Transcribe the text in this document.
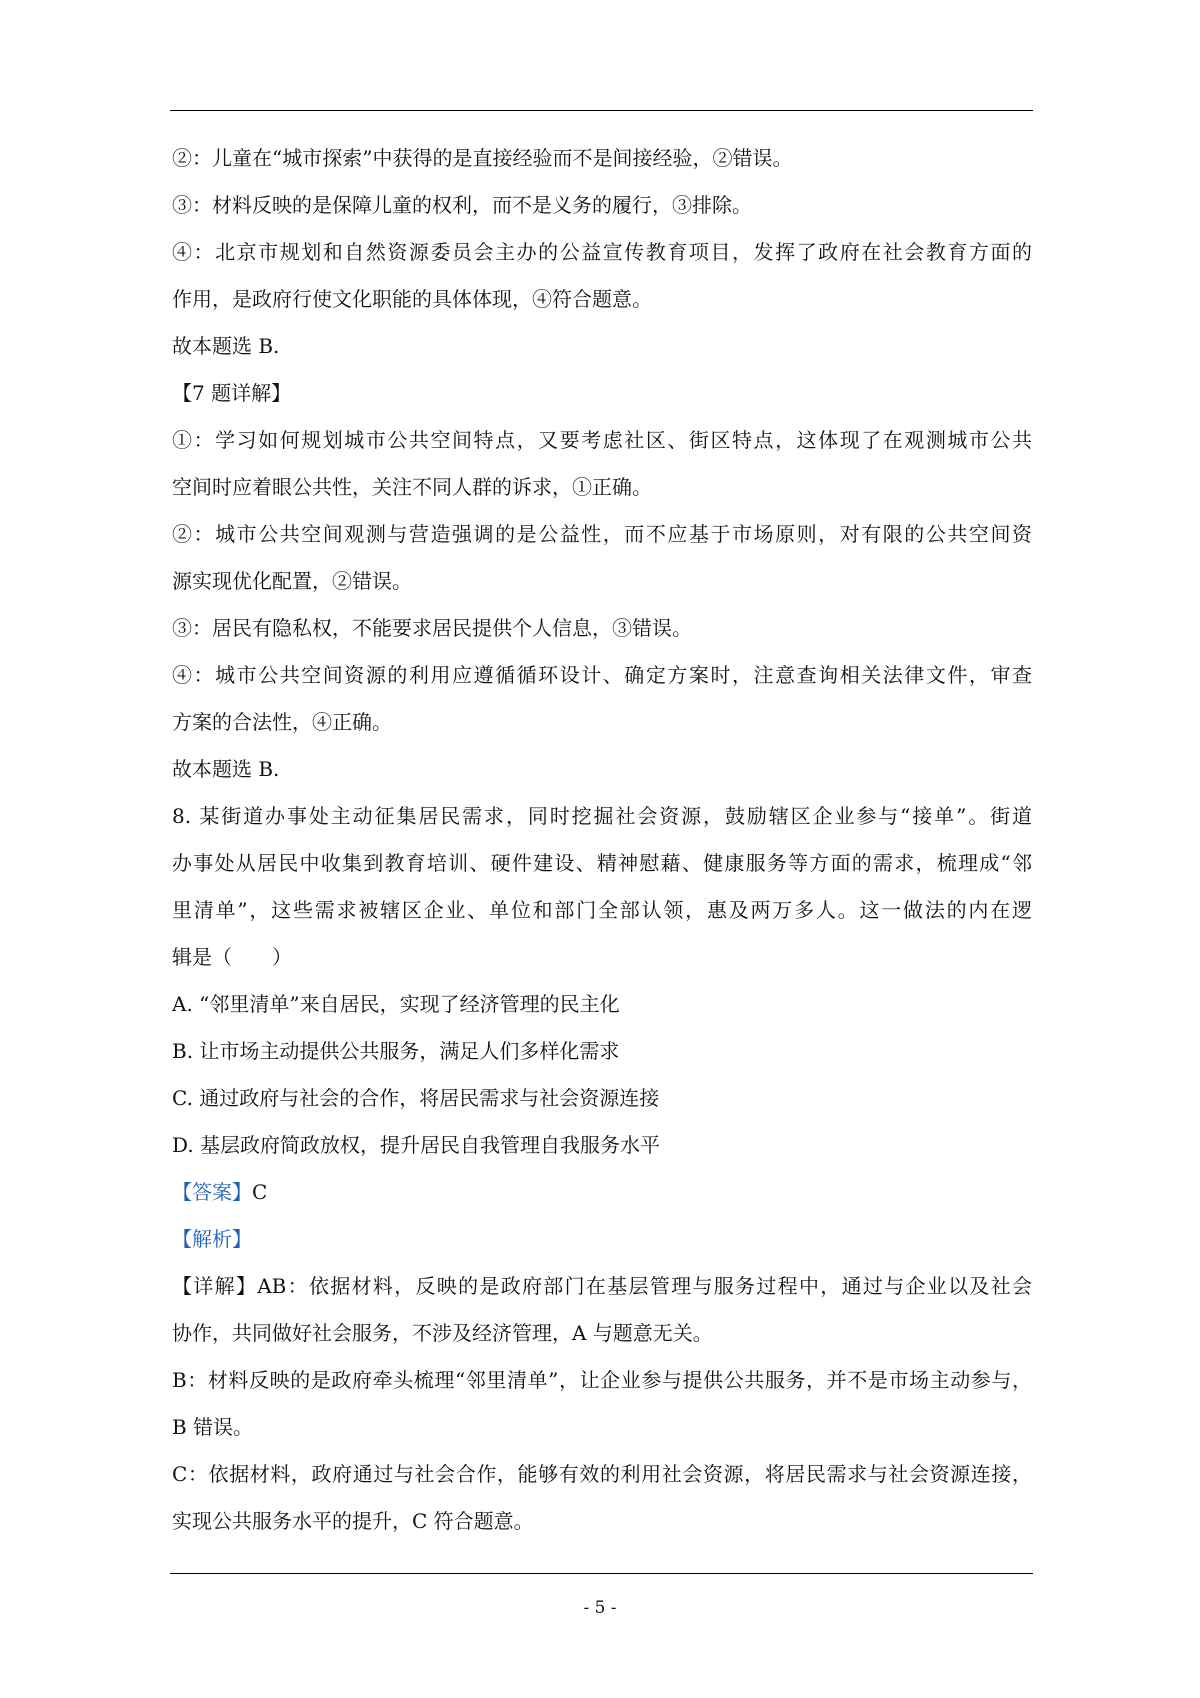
②：儿童在“城市探索”中获得的是直接经验而不是间接经验，②错误。
③：材料反映的是保障儿童的权利，而不是义务的履行，③排除。
④：北京市规划和自然资源委员会主办的公益宣传教育项目，发挥了政府在社会教育方面的
作用，是政府行使文化职能的具体体现，④符合题意。
故本题选 B.
【7 题详解】
①：学习如何规划城市公共空间特点，又要考虑社区、街区特点，这体现了在观测城市公共
空间时应着眼公共性，关注不同人群的诉求，①正确。
②：城市公共空间观测与营造强调的是公益性，而不应基于市场原则，对有限的公共空间资
源实现优化配置，②错误。
③：居民有隐私权，不能要求居民提供个人信息，③错误。
④：城市公共空间资源的利用应遵循循环设计、确定方案时，注意查询相关法律文件，审查
方案的合法性，④正确。
故本题选 B.
8. 某街道办事处主动征集居民需求，同时挖掘社会资源，鼓励辖区企业参与“接单”。街道
办事处从居民中收集到教育培训、硬件建设、精神慰藉、健康服务等方面的需求，梳理成“邻
里清单”，这些需求被辖区企业、单位和部门全部认领，惠及两万多人。这一做法的内在逻
辑是（　　）
A. “邻里清单”来自居民，实现了经济管理的民主化
B. 让市场主动提供公共服务，满足人们多样化需求
C. 通过政府与社会的合作，将居民需求与社会资源连接
D. 基层政府简政放权，提升居民自我管理自我服务水平
【答案】C
【解析】
【详解】AB：依据材料，反映的是政府部门在基层管理与服务过程中，通过与企业以及社会
协作，共同做好社会服务，不涉及经济管理，A 与题意无关。
B：材料反映的是政府牵头梳理“邻里清单”，让企业参与提供公共服务，并不是市场主动参与，
B 错误。
C：依据材料，政府通过与社会合作，能够有效的利用社会资源，将居民需求与社会资源连接，
实现公共服务水平的提升，C 符合题意。
- 5 -
